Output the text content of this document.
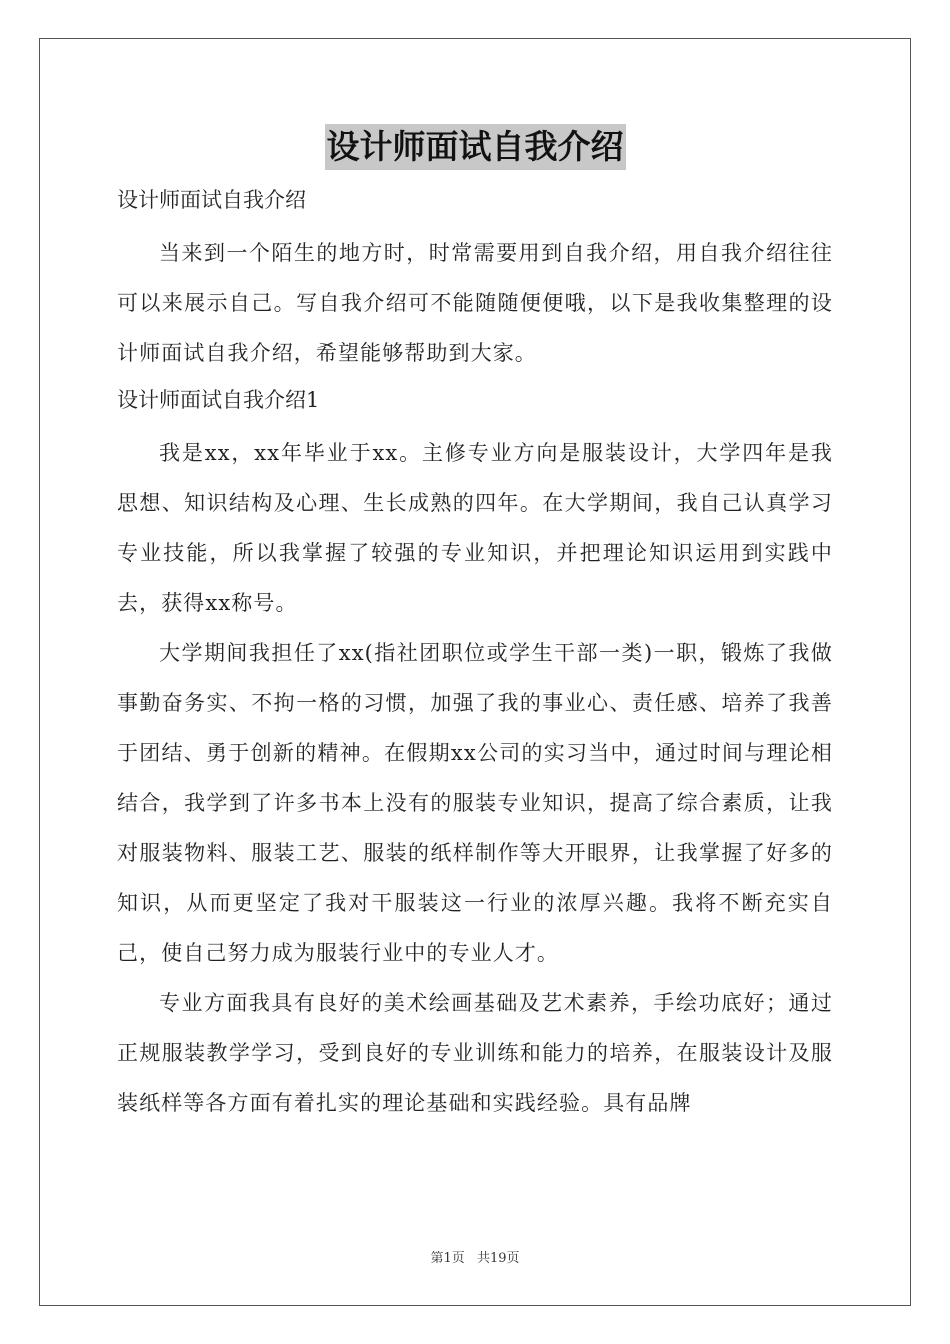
设计师面试自我介绍

设计师面试自我介绍

当来到一个陌生的地方时，时常需要用到自我介绍，用自我介绍往往可以来展示自己。写自我介绍可不能随随便便哦，以下是我收集整理的设计师面试自我介绍，希望能够帮助到大家。

设计师面试自我介绍1

我是xx，xx年毕业于xx。主修专业方向是服装设计，大学四年是我思想、知识结构及心理、生长成熟的四年。在大学期间，我自己认真学习专业技能，所以我掌握了较强的专业知识，并把理论知识运用到实践中去，获得xx称号。

大学期间我担任了xx(指社团职位或学生干部一类)一职，锻炼了我做事勤奋务实、不拘一格的习惯，加强了我的事业心、责任感、培养了我善于团结、勇于创新的精神。在假期xx公司的实习当中，通过时间与理论相结合，我学到了许多书本上没有的服装专业知识，提高了综合素质，让我对服装物料、服装工艺、服装的纸样制作等大开眼界，让我掌握了好多的知识，从而更坚定了我对干服装这一行业的浓厚兴趣。我将不断充实自己，使自己努力成为服装行业中的专业人才。

专业方面我具有良好的美术绘画基础及艺术素养，手绘功底好；通过正规服装教学学习，受到良好的专业训练和能力的培养，在服装设计及服装纸样等各方面有着扎实的理论基础和实践经验。具有品牌

第1页 共19页
